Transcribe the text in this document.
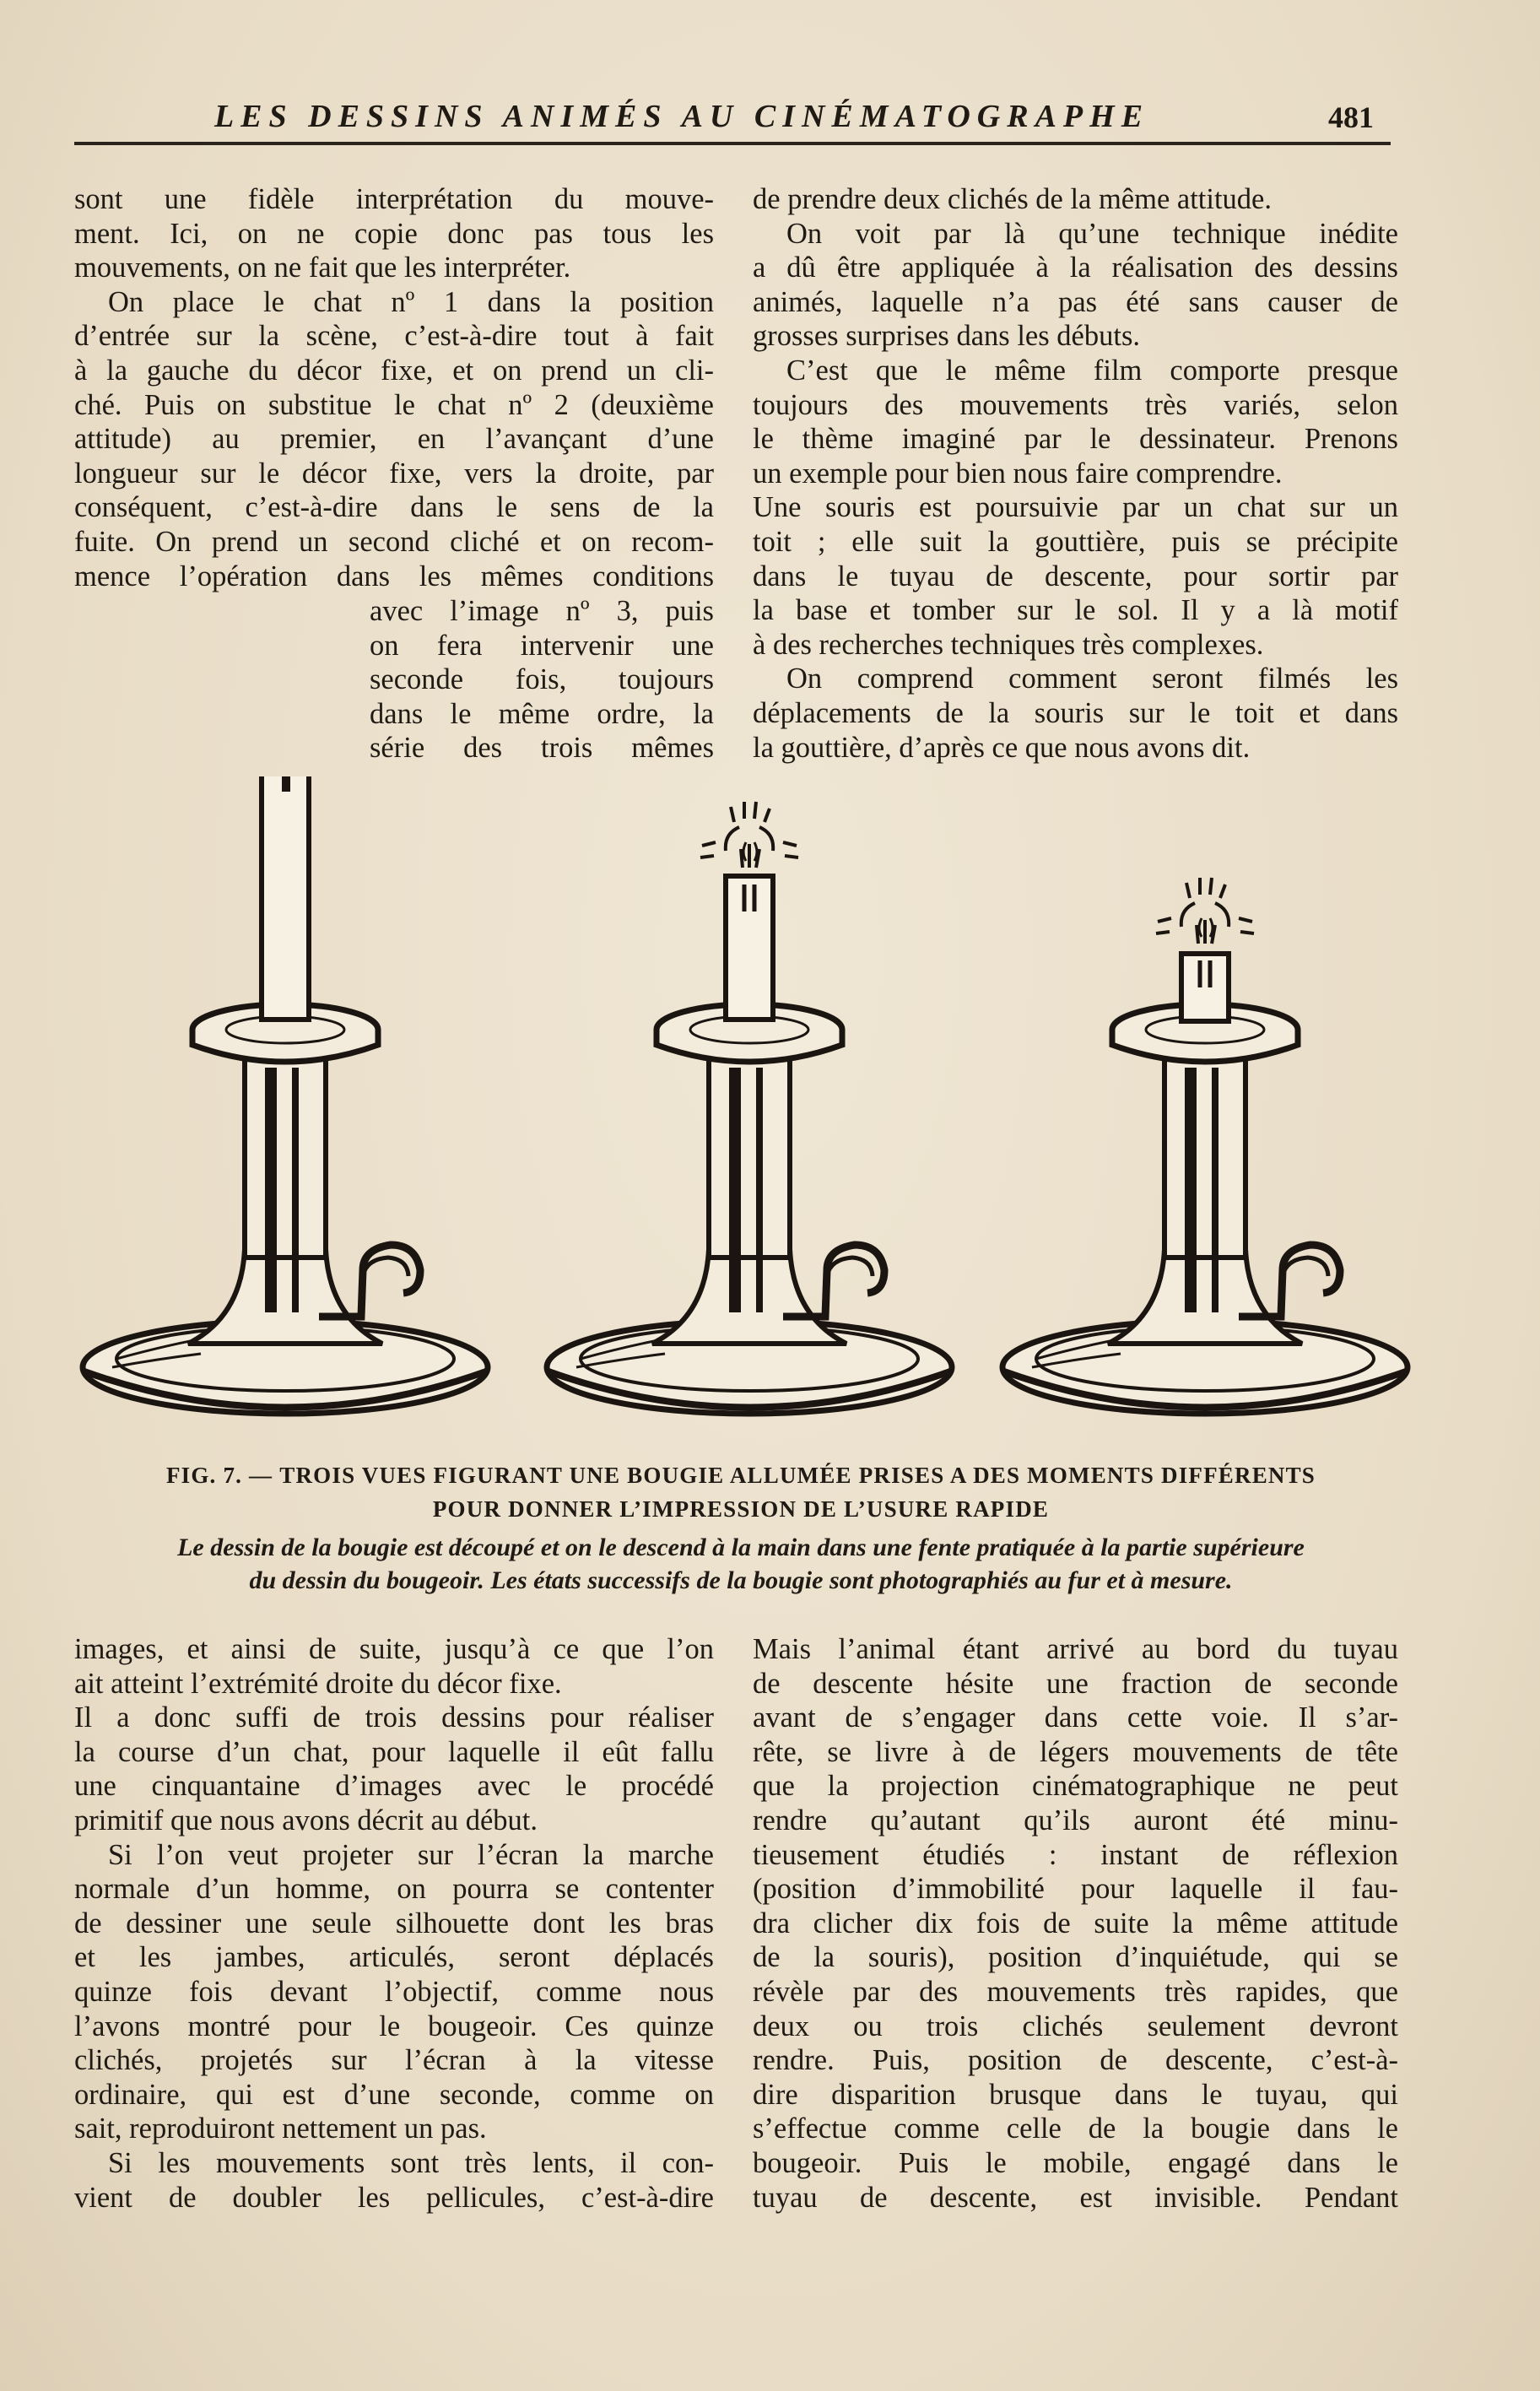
LES DESSINS ANIMÉS AU CINÉMATOGRAPHE	481
sont une fidèle interprétation du mouve-
ment. Ici, on ne copie donc pas tous les
mouvements, on ne fait que les interpréter.
On place le chat nº 1 dans la position
d’entrée sur la scène, c’est-à-dire tout à fait
à la gauche du décor fixe, et on prend un cli-
ché. Puis on substitue le chat nº 2 (deuxième
attitude) au premier, en l’avançant d’une
longueur sur le décor fixe, vers la droite, par
conséquent, c’est-à-dire dans le sens de la
fuite. On prend un second cliché et on recom-
mence l’opération dans les mêmes conditions
avec l’image nº 3, puis
on fera intervenir une
seconde fois, toujours
dans le même ordre, la
série des trois mêmes
de prendre deux clichés de la même attitude.
On voit par là qu’une technique inédite
a dû être appliquée à la réalisation des dessins
animés, laquelle n’a pas été sans causer de
grosses surprises dans les débuts.
C’est que le même film comporte presque
toujours des mouvements très variés, selon
le thème imaginé par le dessinateur. Prenons
un exemple pour bien nous faire comprendre.
Une souris est poursuivie par un chat sur un
toit ; elle suit la gouttière, puis se précipite
dans le tuyau de descente, pour sortir par
la base et tomber sur le sol. Il y a là motif
à des recherches techniques très complexes.
On comprend comment seront filmés les
déplacements de la souris sur le toit et dans
la gouttière, d’après ce que nous avons dit.
FIG. 7. — TROIS VUES FIGURANT UNE BOUGIE ALLUMÉE PRISES A DES MOMENTS DIFFÉRENTS
POUR DONNER L’IMPRESSION DE L’USURE RAPIDE
Le dessin de la bougie est découpé et on le descend à la main dans une fente pratiquée à la partie supérieure
du dessin du bougeoir. Les états successifs de la bougie sont photographiés au fur et à mesure.
images, et ainsi de suite, jusqu’à ce que l’on
ait atteint l’extrémité droite du décor fixe.
Il a donc suffi de trois dessins pour réaliser
la course d’un chat, pour laquelle il eût fallu
une cinquantaine d’images avec le procédé
primitif que nous avons décrit au début.
Si l’on veut projeter sur l’écran la marche
normale d’un homme, on pourra se contenter
de dessiner une seule silhouette dont les bras
et les jambes, articulés, seront déplacés
quinze fois devant l’objectif, comme nous
l’avons montré pour le bougeoir. Ces quinze
clichés, projetés sur l’écran à la vitesse
ordinaire, qui est d’une seconde, comme on
sait, reproduiront nettement un pas.
Si les mouvements sont très lents, il con-
vient de doubler les pellicules, c’est-à-dire
Mais l’animal étant arrivé au bord du tuyau
de descente hésite une fraction de seconde
avant de s’engager dans cette voie. Il s’ar-
rête, se livre à de légers mouvements de tête
que la projection cinématographique ne peut
rendre qu’autant qu’ils auront été minu-
tieusement étudiés : instant de réflexion
(position d’immobilité pour laquelle il fau-
dra clicher dix fois de suite la même attitude
de la souris), position d’inquiétude, qui se
révèle par des mouvements très rapides, que
deux ou trois clichés seulement devront
rendre. Puis, position de descente, c’est-à-
dire disparition brusque dans le tuyau, qui
s’effectue comme celle de la bougie dans le
bougeoir. Puis le mobile, engagé dans le
tuyau de descente, est invisible. Pendant
